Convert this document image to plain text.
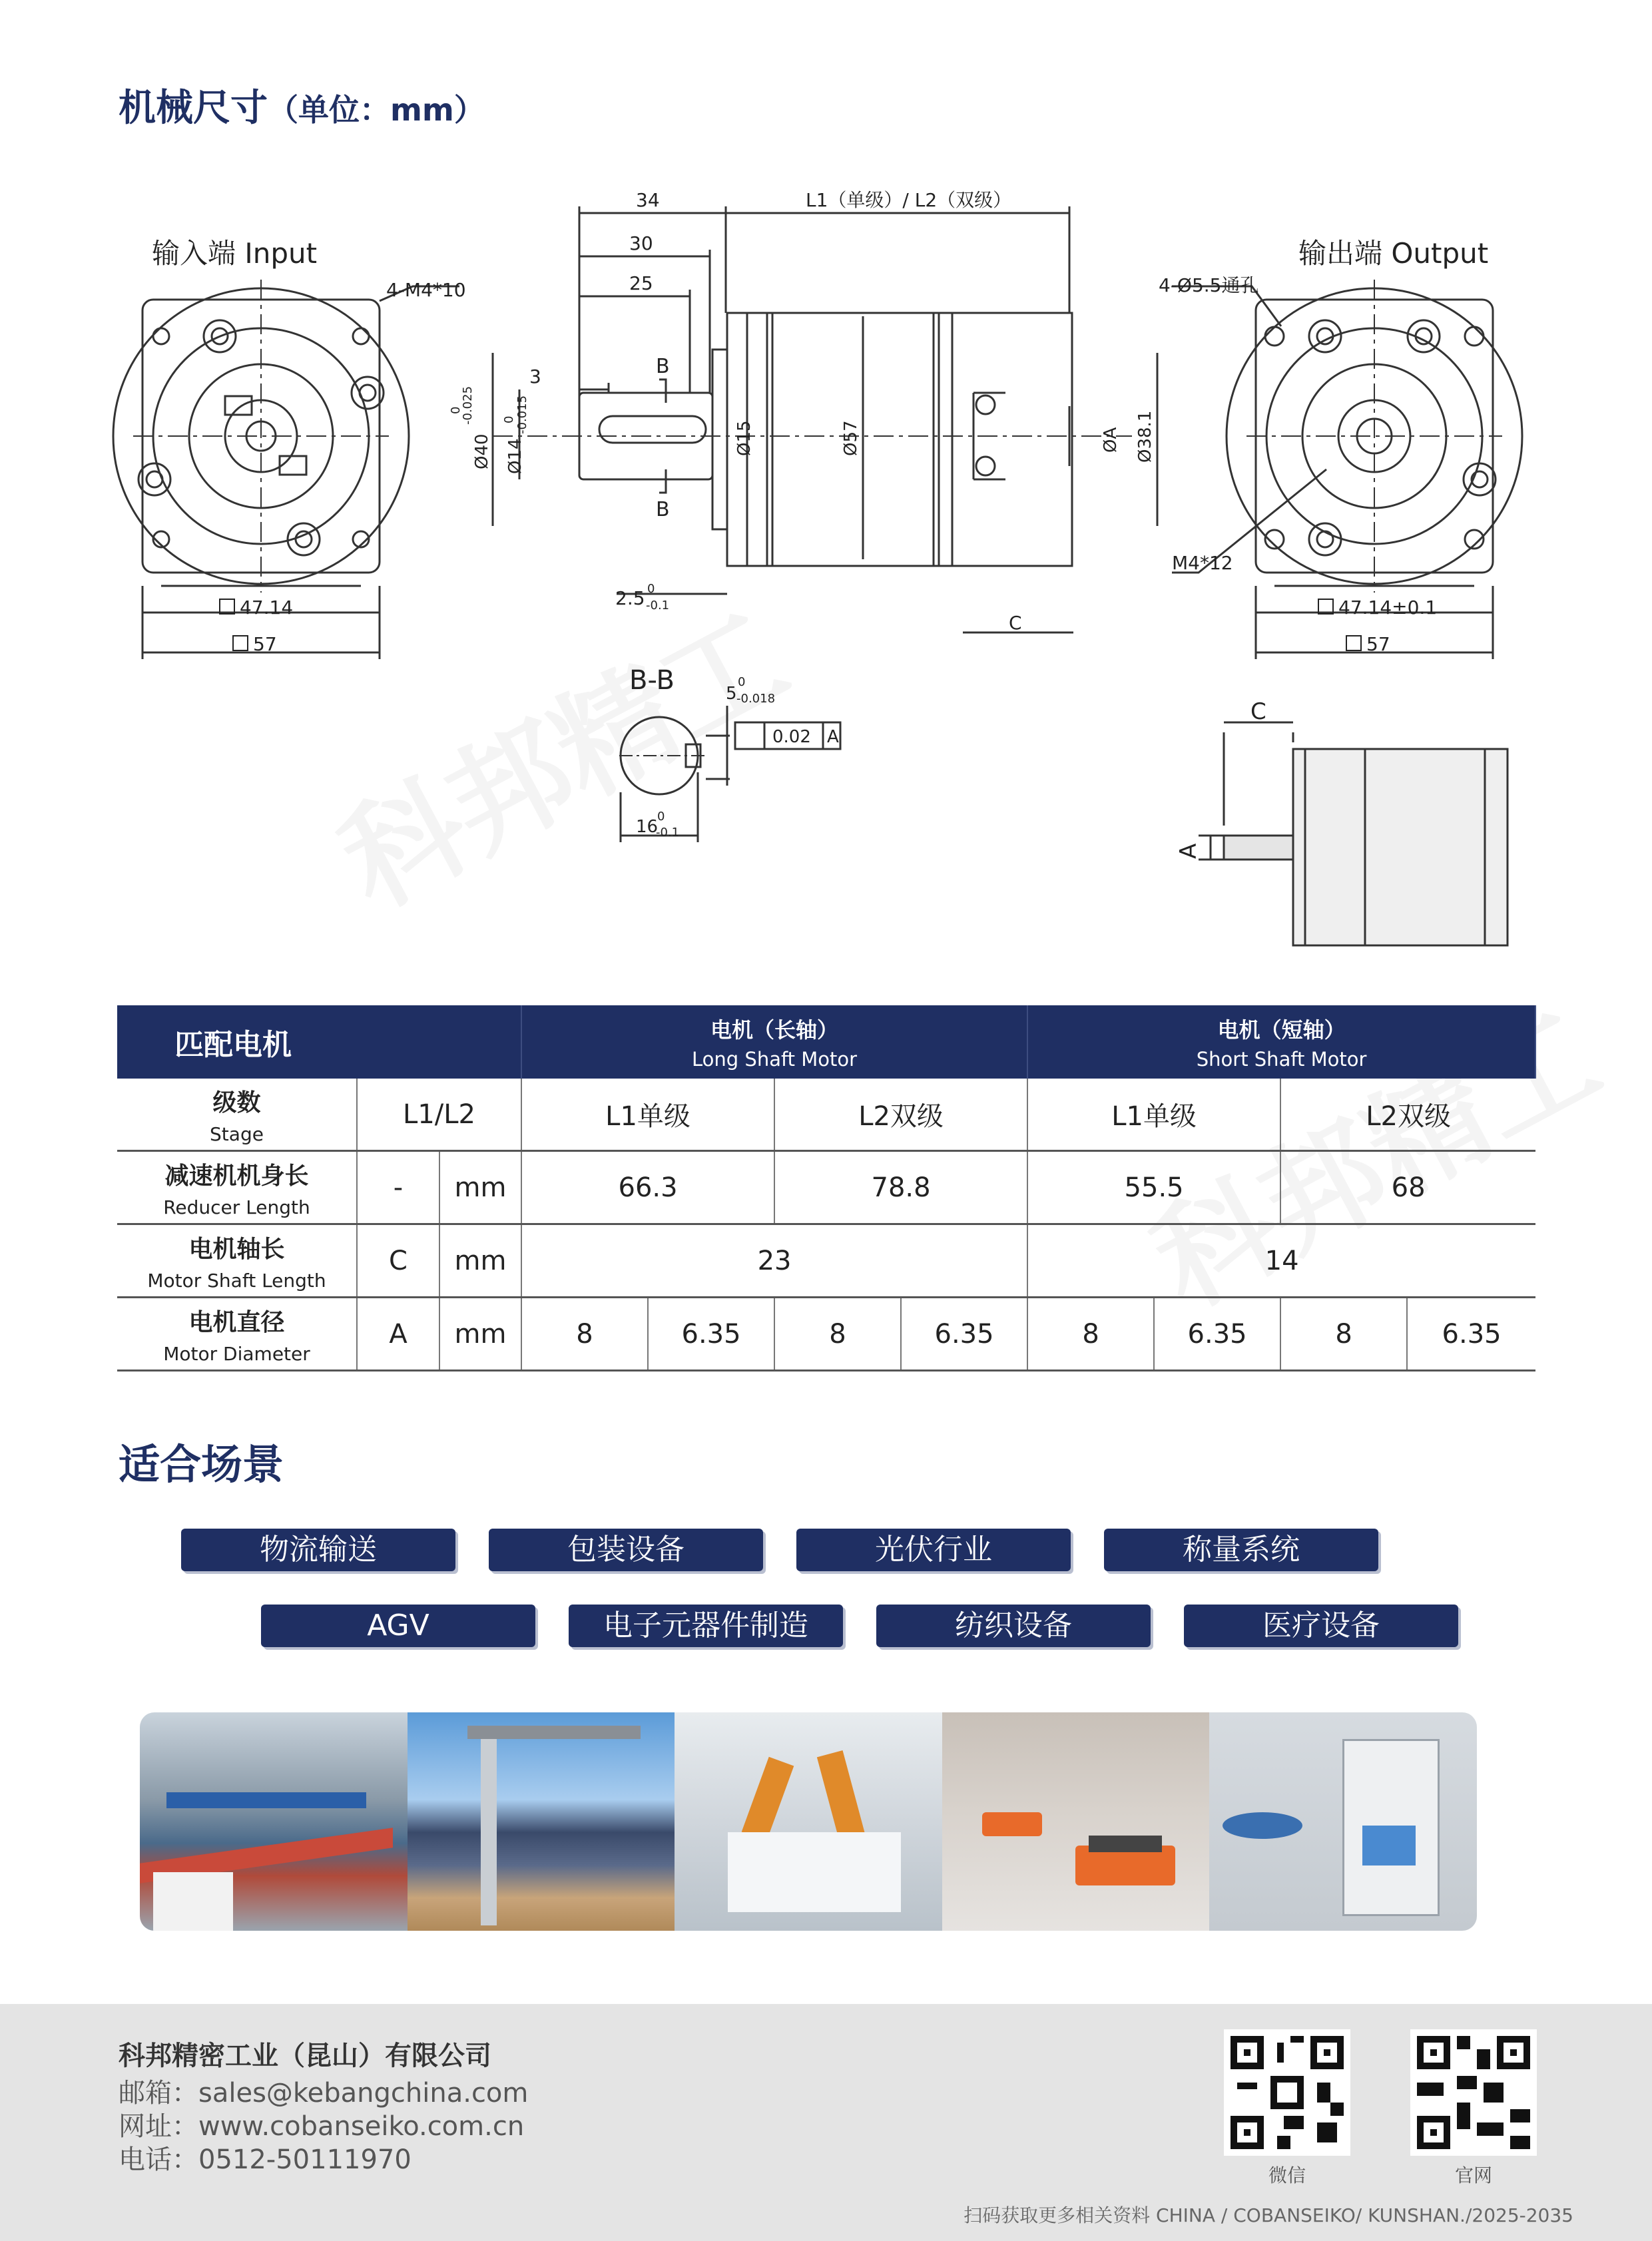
机械尺寸（单位：mm）
输入端 Input	输出端 Output
4-M4*10	4-Ø5.5通孔
M4*12
34
30
25
3
L1（单级）/ L2（双级）
B
B
Ø40
-0.025
0
Ø14
-0.015
0
Ø15	Ø57	ØA Ø38.1
2.5 -0.1
0
C
47.14
57
47.14±0.1
57
B-B	5 -0.018
0
0.02 A
16
-0.1
0
C
A
匹配电机			电机（长轴）
Long Shaft Motor				电机（短轴）
Short Shaft Motor			

级数
Stage	L1/L2		L1单级		L2双级		L1单级		L2双级	

减速机机身长
Reducer Length	-	mm	66.3		78.8		55.5		68	

电机轴长
Motor Shaft Length	C	mm	23				14			

电机直径
Motor Diameter	A	mm	8	6.35	8	6.35	8	6.35	8	6.35
适合场景
物流输送	包装设备	光伏行业	称量系统
AGV	电子元器件制造	纺织设备	医疗设备
科邦精密工业（昆山）有限公司
邮箱：sales@kebangchina.com
网址：www.cobanseiko.com.cn
电话：0512-50111970
微信	官网
扫码获取更多相关资料 CHINA / COBANSEIKO/ KUNSHAN./2025-2035
